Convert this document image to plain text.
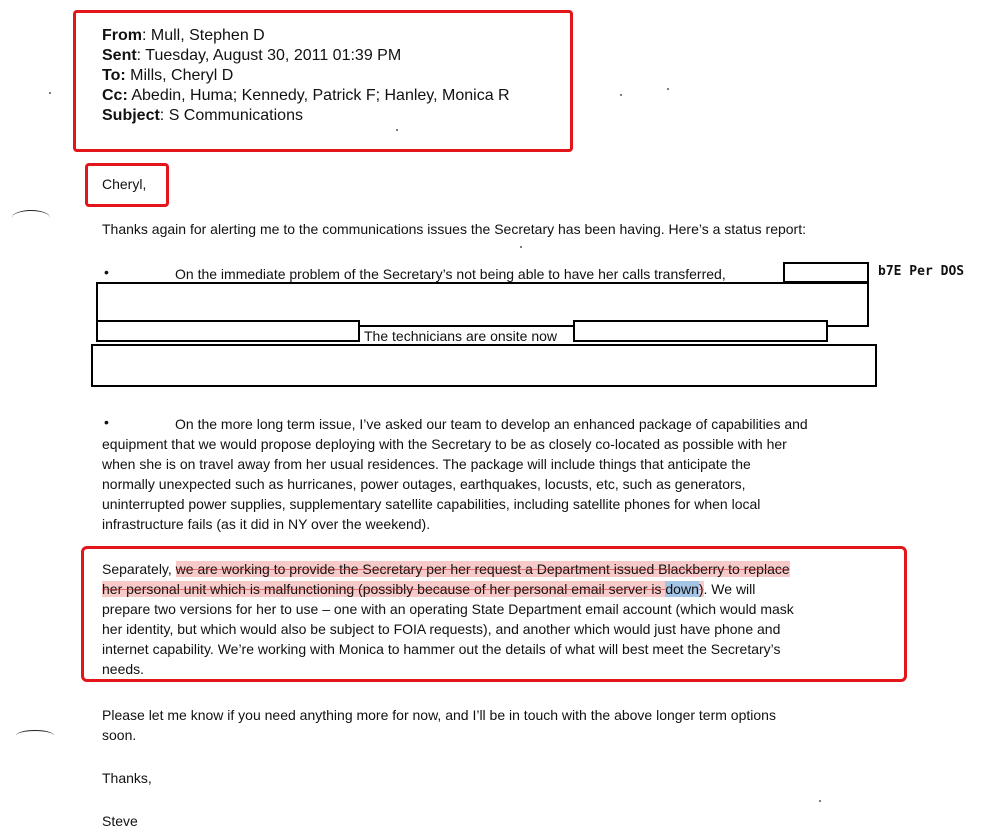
From: Mull, Stephen D
Sent: Tuesday, August 30, 2011 01:39 PM
To: Mills, Cheryl D
Cc: Abedin, Huma; Kennedy, Patrick F; Hanley, Monica R
Subject: S Communications
Cheryl,
Thanks again for alerting me to the communications issues the Secretary has been having. Here’s a status report:
•	On the immediate problem of the Secretary’s not being able to have her calls transferred,
The technicians are onsite now
b7E Per DOS
•	On the more long term issue, I’ve asked our team to develop an enhanced package of capabilities and
equipment that we would propose deploying with the Secretary to be as closely co-located as possible with her
when she is on travel away from her usual residences. The package will include things that anticipate the
normally unexpected such as hurricanes, power outages, earthquakes, locusts, etc, such as generators,
uninterrupted power supplies, supplementary satellite capabilities, including satellite phones for when local
infrastructure fails (as it did in NY over the weekend).
Separately, we are working to provide the Secretary per her request a Department issued Blackberry to replace
her personal unit which is malfunctioning (possibly because of her personal email server is down). We will
prepare two versions for her to use – one with an operating State Department email account (which would mask
her identity, but which would also be subject to FOIA requests), and another which would just have phone and
internet capability. We’re working with Monica to hammer out the details of what will best meet the Secretary’s
needs.
Please let me know if you need anything more for now, and I’ll be in touch with the above longer term options
soon.
Thanks,
Steve
